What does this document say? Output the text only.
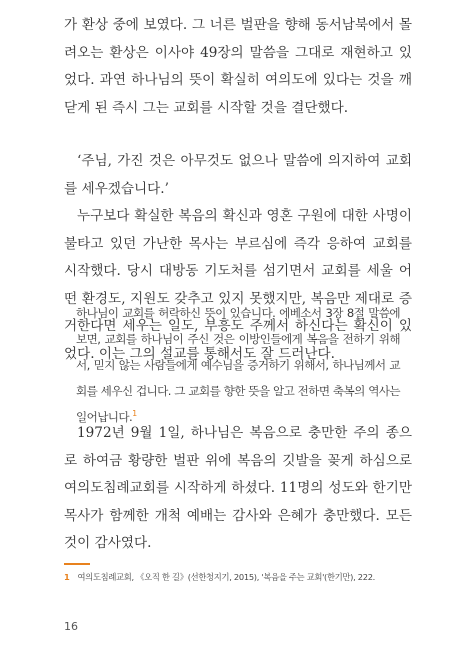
가 환상 중에 보였다. 그 너른 벌판을 향해 동서남북에서 몰려오는 환상은 이사야 49장의 말씀을 그대로 재현하고 있었다. 과연 하나님의 뜻이 확실히 여의도에 있다는 것을 깨닫게 된 즉시 그는 교회를 시작할 것을 결단했다.

‘주님, 가진 것은 아무것도 없으나 말씀에 의지하여 교회를 세우겠습니다.’

누구보다 확실한 복음의 확신과 영혼 구원에 대한 사명이 불타고 있던 가난한 목사는 부르심에 즉각 응하여 교회를 시작했다. 당시 대방동 기도처를 섬기면서 교회를 세울 어떤 환경도, 지원도 갖추고 있지 못했지만, 복음만 제대로 증거한다면 세우는 일도, 부흥도 주께서 하신다는 확신이 있었다. 이는 그의 설교를 통해서도 잘 드러난다.

하나님이 교회를 허락하신 뜻이 있습니다. 에베소서 3장 8절 말씀에 보면, 교회를 하나님이 주신 것은 이방인들에게 복음을 전하기 위해서, 믿지 않는 사람들에게 예수님을 증거하기 위해서, 하나님께서 교회를 세우신 겁니다. 그 교회를 향한 뜻을 알고 전하면 축복의 역사는 일어납니다.$^1$

1972년 9월 1일, 하나님은 복음으로 충만한 주의 종으로 하여금 황량한 벌판 위에 복음의 깃발을 꽂게 하심으로 여의도침례교회를 시작하게 하셨다. 11명의 성도와 한기만 목사가 함께한 개척 예배는 감사와 은혜가 충만했다. 모든 것이 감사였다.

1 여의도침례교회, 《오직 한 길》(선한청지기, 2015), '복음을 주는 교회'(한기만), 222.
16
